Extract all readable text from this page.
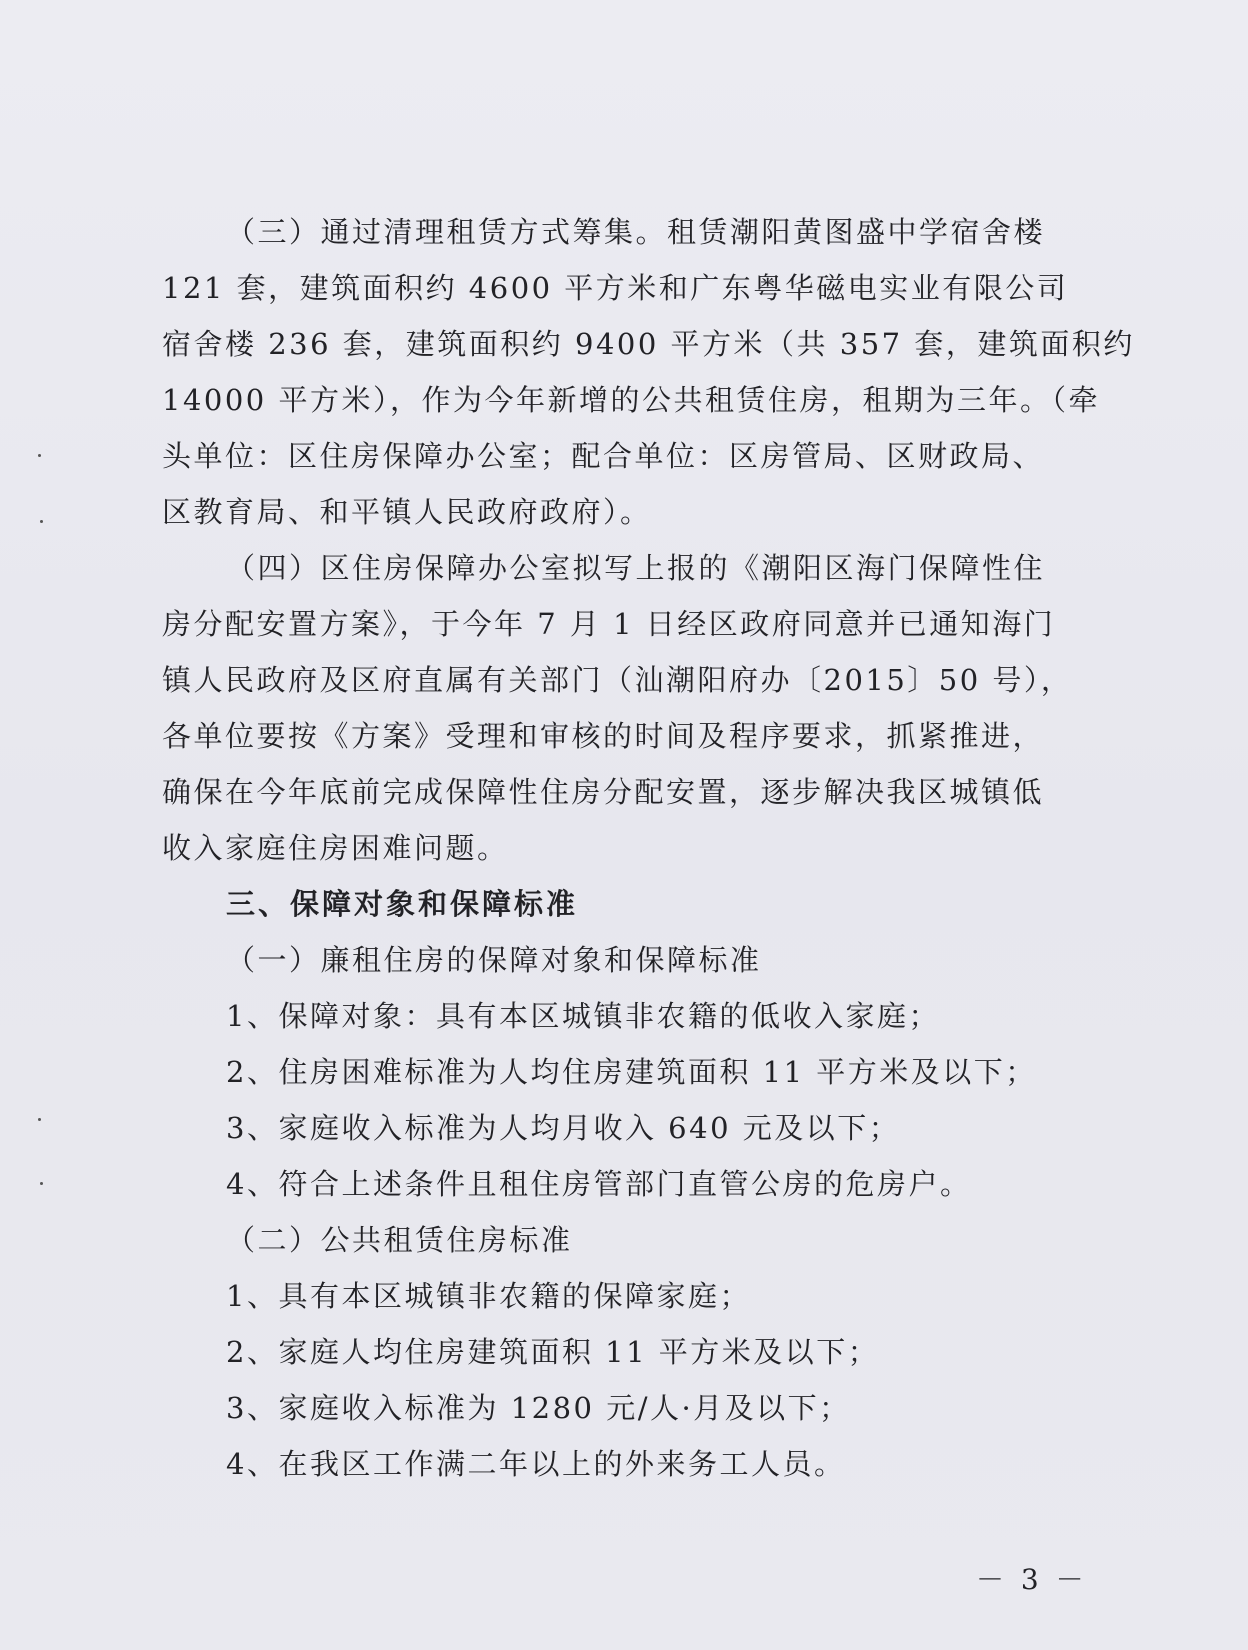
（三）通过清理租赁方式筹集。租赁潮阳黄图盛中学宿舍楼
121 套，建筑面积约 4600 平方米和广东粤华磁电实业有限公司
宿舍楼 236 套，建筑面积约 9400 平方米（共 357 套，建筑面积约
14000 平方米），作为今年新增的公共租赁住房，租期为三年。（牵
头单位：区住房保障办公室；配合单位：区房管局、区财政局、
区教育局、和平镇人民政府政府）。
（四）区住房保障办公室拟写上报的《潮阳区海门保障性住
房分配安置方案》，于今年 7 月 1 日经区政府同意并已通知海门
镇人民政府及区府直属有关部门（汕潮阳府办〔2015〕50 号），
各单位要按《方案》受理和审核的时间及程序要求，抓紧推进，
确保在今年底前完成保障性住房分配安置，逐步解决我区城镇低
收入家庭住房困难问题。
三、保障对象和保障标准
（一）廉租住房的保障对象和保障标准
1、保障对象：具有本区城镇非农籍的低收入家庭；
2、住房困难标准为人均住房建筑面积 11 平方米及以下；
3、家庭收入标准为人均月收入 640 元及以下；
4、符合上述条件且租住房管部门直管公房的危房户。
（二）公共租赁住房标准
1、具有本区城镇非农籍的保障家庭；
2、家庭人均住房建筑面积 11 平方米及以下；
3、家庭收入标准为 1280 元/人·月及以下；
4、在我区工作满二年以上的外来务工人员。
－ 3 －
